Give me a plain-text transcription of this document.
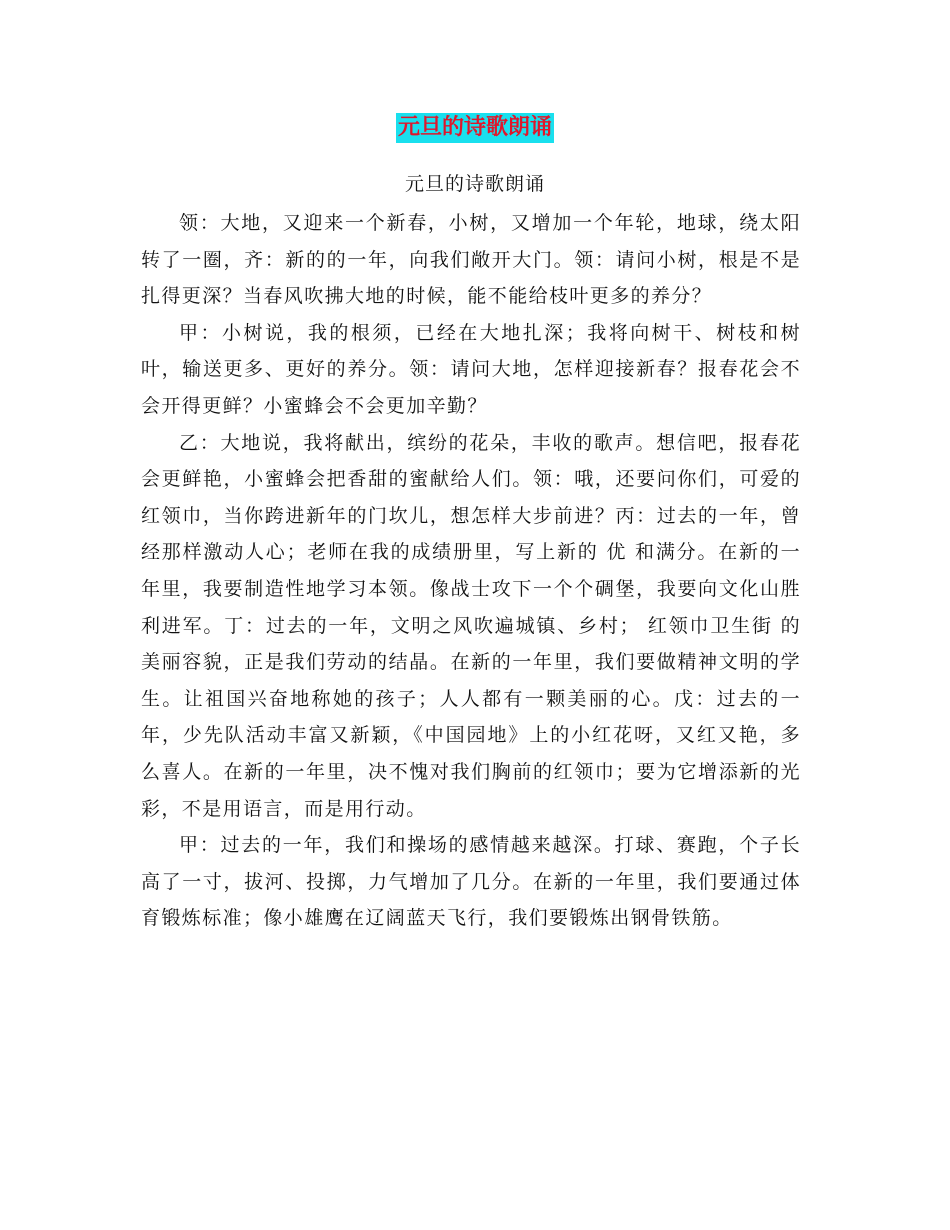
元旦的诗歌朗诵
元旦的诗歌朗诵

领：大地，又迎来一个新春，小树，又增加一个年轮，地球，绕太阳转了一圈，齐：新的的一年，向我们敞开大门。领：请问小树，根是不是扎得更深？当春风吹拂大地的时候，能不能给枝叶更多的养分？

甲：小树说，我的根须，已经在大地扎深；我将向树干、树枝和树叶，输送更多、更好的养分。领：请问大地，怎样迎接新春？报春花会不会开得更鲜？小蜜蜂会不会更加辛勤？

乙：大地说，我将献出，缤纷的花朵，丰收的歌声。想信吧，报春花会更鲜艳，小蜜蜂会把香甜的蜜献给人们。领：哦，还要问你们，可爱的红领巾，当你跨进新年的门坎儿，想怎样大步前进？丙：过去的一年，曾经那样激动人心；老师在我的成绩册里，写上新的 优 和满分。在新的一年里，我要制造性地学习本领。像战士攻下一个个碉堡，我要向文化山胜利进军。丁：过去的一年，文明之风吹遍城镇、乡村； 红领巾卫生街 的美丽容貌，正是我们劳动的结晶。在新的一年里，我们要做精神文明的学生。让祖国兴奋地称她的孩子；人人都有一颗美丽的心。戊：过去的一年，少先队活动丰富又新颖，《中国园地》上的小红花呀，又红又艳，多么喜人。在新的一年里，决不愧对我们胸前的红领巾；要为它增添新的光彩，不是用语言，而是用行动。

甲：过去的一年，我们和操场的感情越来越深。打球、赛跑，个子长高了一寸，拔河、投掷，力气增加了几分。在新的一年里，我们要通过体育锻炼标准；像小雄鹰在辽阔蓝天飞行，我们要锻炼出钢骨铁筋。
